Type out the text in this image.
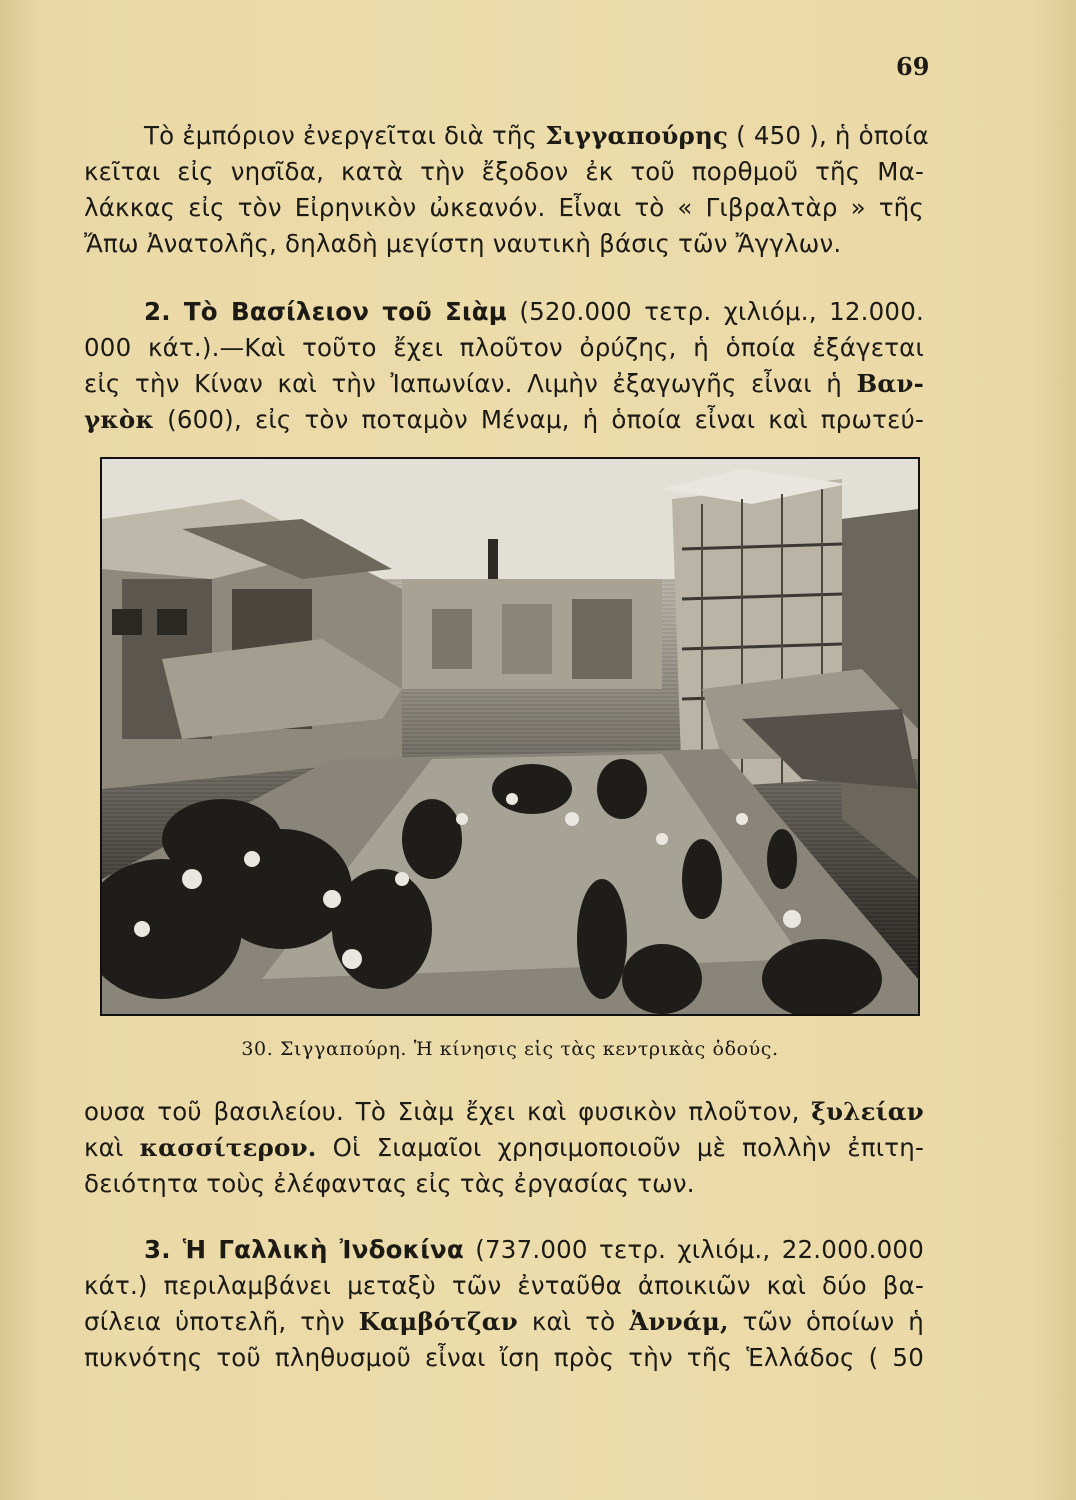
69
Τὸ ἐμπόριον ἐνεργεῖται διὰ τῆς Σιγγαπούρης ( 450 ), ἡ ὁποία
κεῖται εἰς νησῖδα, κατὰ τὴν ἔξοδον ἐκ τοῦ πορθμοῦ τῆς Μα-
λάκκας εἰς τὸν Εἰρηνικὸν ὠκεανόν. Εἶναι τὸ « Γιβραλτὰρ » τῆς
Ἄπω Ἀνατολῆς, δηλαδὴ μεγίστη ναυτικὴ βάσις τῶν Ἄγγλων.
2. Τὸ Βασίλειον τοῦ Σιὰμ (520.000 τετρ. χιλιόμ., 12.000.
000 κάτ.).—Καὶ τοῦτο ἔχει πλοῦτον ὀρύζης, ἡ ὁποία ἐξάγεται
εἰς τὴν Κίναν καὶ τὴν Ἰαπωνίαν. Λιμὴν ἐξαγωγῆς εἶναι ἡ Βαν-
γκὸκ (600), εἰς τὸν ποταμὸν Μέναμ, ἡ ὁποία εἶναι καὶ πρωτεύ-
30. Σιγγαπούρη. Ἡ κίνησις εἰς τὰς κεντρικὰς ὁδούς.
ουσα τοῦ βασιλείου. Τὸ Σιὰμ ἔχει καὶ φυσικὸν πλοῦτον, ξυλείαν
καὶ κασσίτερον. Οἱ Σιαμαῖοι χρησιμοποιοῦν μὲ πολλὴν ἐπιτη-
δειότητα τοὺς ἐλέφαντας εἰς τὰς ἐργασίας των.
3. Ἡ Γαλλικὴ Ἰνδοκίνα (737.000 τετρ. χιλιόμ., 22.000.000
κάτ.) περιλαμβάνει μεταξὺ τῶν ἐνταῦθα ἀποικιῶν καὶ δύο βα-
σίλεια ὑποτελῆ, τὴν Καμβότζαν καὶ τὸ Ἀννάμ, τῶν ὁποίων ἡ
πυκνότης τοῦ πληθυσμοῦ εἶναι ἴση πρὸς τὴν τῆς Ἑλλάδος ( 50
